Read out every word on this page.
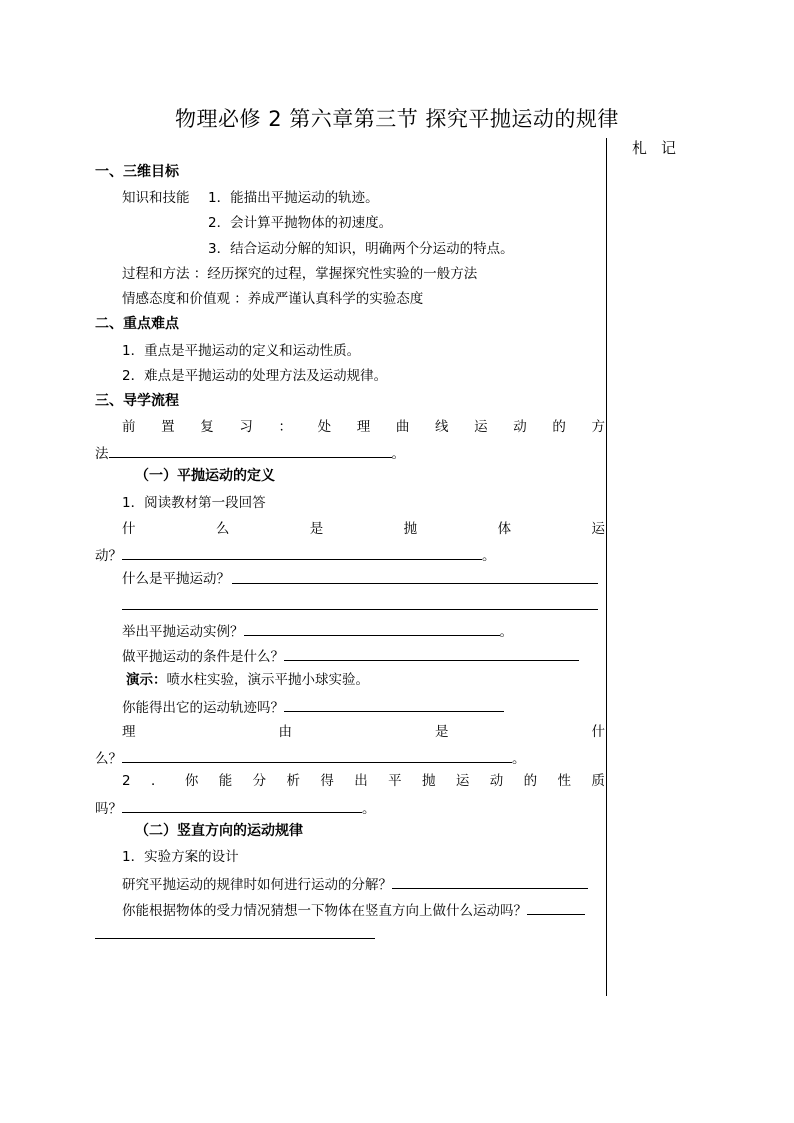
物理必修 2 第六章第三节 探究平抛运动的规律
札记
一、三维目标
知识和技能 1．能描出平抛运动的轨迹。
2．会计算平抛物体的初速度。
3．结合运动分解的知识，明确两个分运动的特点。
过程和方法 ：经历探究的过程，掌握探究性实验的一般方法
情感态度和价值观 ：养成严谨认真科学的实验态度
二、重点难点
1．重点是平抛运动的定义和运动性质。
2．难点是平抛运动的处理方法及运动规律。
三、导学流程
前 置 复 习 ： 处 理 曲 线 运 动 的 方
法	。
（一）平抛运动的定义
1．阅读教材第一段回答
什	么	是	抛	体	运
动？	。
什么是平抛运动？
举出平抛运动实例？	。
做平抛运动的条件是什么？
演示：喷水柱实验，演示平抛小球实验。
你能得出它的运动轨迹吗？
理	由	是	什
么？	。
2 ． 你 能 分 析 得 出 平 抛 运 动 的 性 质
吗？	。
（二）竖直方向的运动规律
1．实验方案的设计
研究平抛运动的规律时如何进行运动的分解？
你能根据物体的受力情况猜想一下物体在竖直方向上做什么运动吗？
